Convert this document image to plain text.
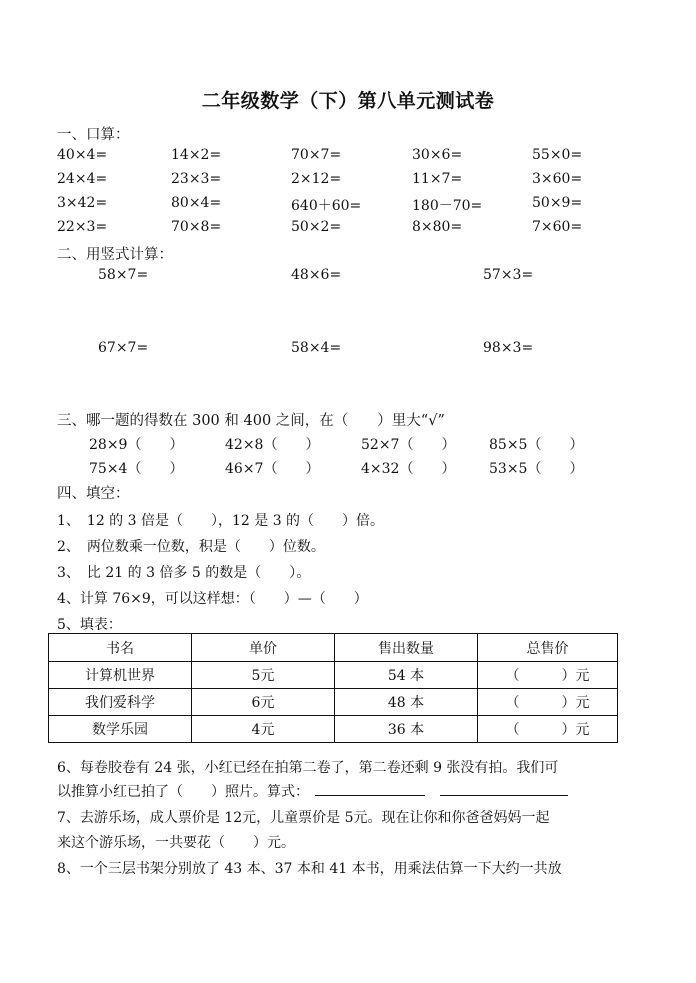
二年级数学（下）第八单元测试卷
一、口算：
40×4=	14×2=	70×7=	30×6=	55×0=
24×4=	23×3=	2×12=	11×7=	3×60=
3×42=	80×4=	640＋60=	180－70=	50×9=
22×3=	70×8=	50×2=	8×80=	7×60=
二、用竖式计算：
58×7=	48×6=	57×3=
67×7=	58×4=	98×3=
三、哪一题的得数在 300 和 400 之间，在（　　）里大“√”
28×9（　　）	42×8（　　）	52×7（　　） 85×5（　　）
75×4（　　）	46×7（　　）	4×32（　　） 53×5（　　）
四、填空：
1、　12 的 3 倍是（　　），12 是 3 的（　　）倍。
2、　两位数乘一位数，积是（　　）位数。
3、　比 21 的 3 倍多 5 的数是（　　）。
4、计算 76×9，可以这样想：（　　）—（　　）
5、填表：
书名	单价	售出数量	总售价
计算机世界	5元	54 本	（　　　）元
我们爱科学	6元	48 本	（　　　）元
数学乐园	4元	36 本	（　　　）元
6、每卷胶卷有 24 张，小红已经在拍第二卷了，第二卷还剩 9 张没有拍。我们可
以推算小红已拍了（　　）照片。算式：
7、去游乐场，成人票价是 12元，儿童票价是 5元。现在让你和你爸爸妈妈一起
来这个游乐场，一共要花（　　）元。
8、一个三层书架分别放了 43 本、37 本和 41 本书，用乘法估算一下大约一共放
